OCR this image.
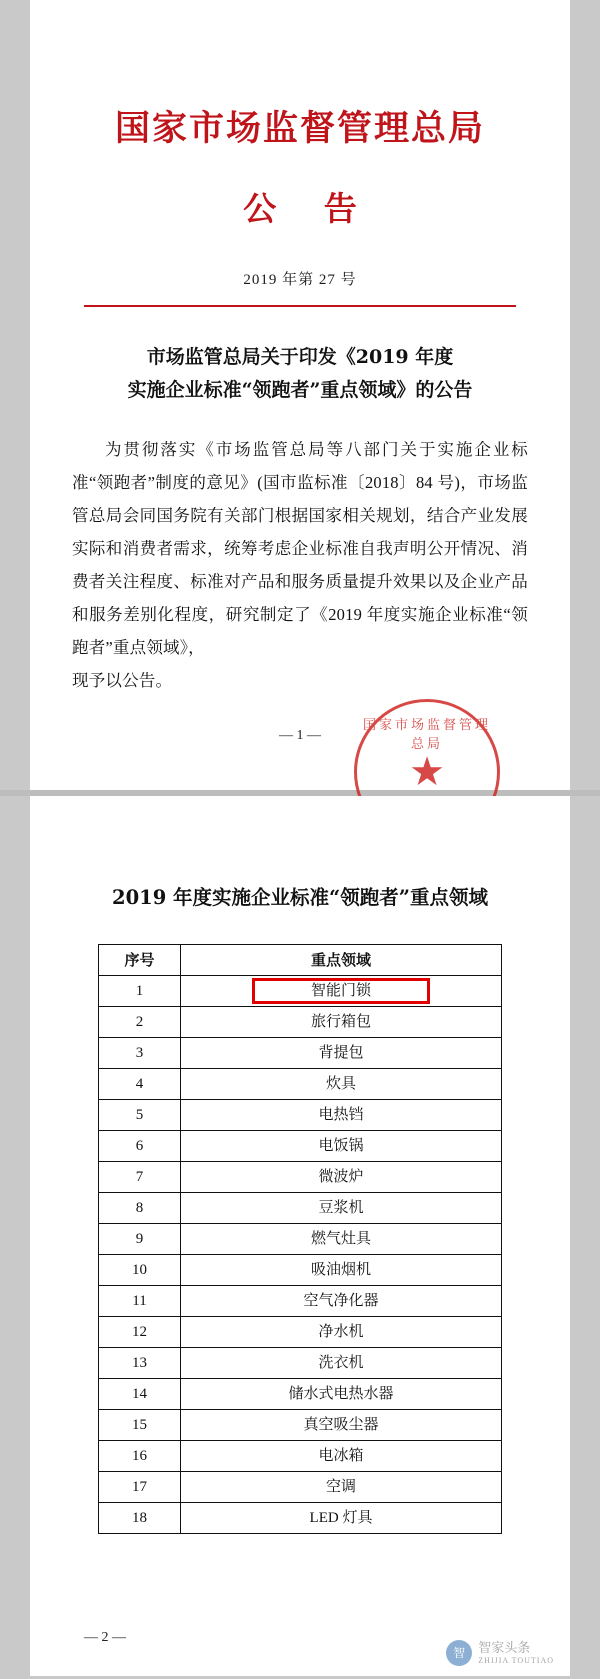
国家市场监督管理总局
公 告
2019 年第 27 号
市场监管总局关于印发《2019 年度
实施企业标准“领跑者”重点领域》的公告

为贯彻落实《市场监管总局等八部门关于实施企业标准“领跑者”制度的意见》(国市监标准〔2018〕84 号)，市场监管总局会同国务院有关部门根据国家相关规划，结合产业发展实际和消费者需求，统筹考虑企业标准自我声明公开情况、消费者关注程度、标准对产品和服务质量提升效果以及企业产品和服务差别化程度，研究制定了《2019 年度实施企业标准“领跑者”重点领域》，

现予以公告。

国家市场监督管理总局
★
— 1 —
2019 年度实施企业标准“领跑者”重点领域
序号	重点领域
1	智能门锁

2	旅行箱包
3	背提包
4	炊具
5	电热铛
6	电饭锅
7	微波炉
8	豆浆机
9	燃气灶具
10	吸油烟机
11	空气净化器
12	净水机
13	洗衣机
14	储水式电热水器
15	真空吸尘器
16	电冰箱
17	空调
18	LED 灯具
— 2 —
智	智家头条
ZHIJIA TOUTIAO
